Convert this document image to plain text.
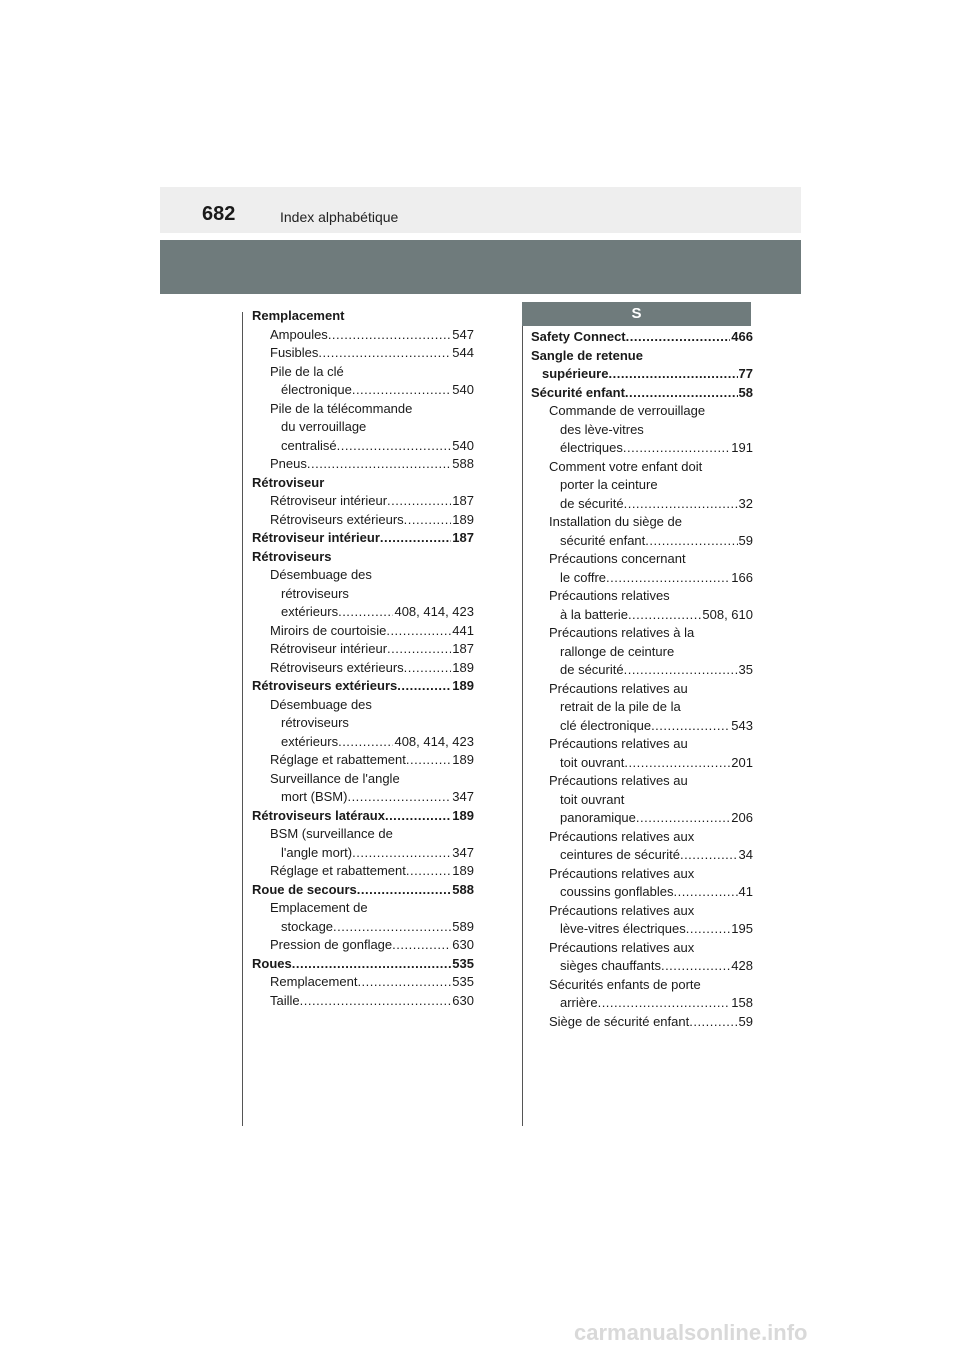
682	Index alphabétique
S
Remplacement
Ampoules .....	547
Fusibles .....	544
Pile de la clé
électronique .....	540
Pile de la télécommande
du verrouillage
centralisé .....	540
Pneus .....	588
Rétroviseur
Rétroviseur intérieur .....	187
Rétroviseurs extérieurs .....	189
Rétroviseur intérieur .....	187
Rétroviseurs
Désembuage des
rétroviseurs
extérieurs .....	408, 414, 423
Miroirs de courtoisie .....	441
Rétroviseur intérieur .....	187
Rétroviseurs extérieurs .....	189
Rétroviseurs extérieurs .....	189
Désembuage des
rétroviseurs
extérieurs .....	408, 414, 423
Réglage et rabattement .....	189
Surveillance de l'angle
mort (BSM) .....	347
Rétroviseurs latéraux .....	189
BSM (surveillance de
l'angle mort) .....	347
Réglage et rabattement .....	189
Roue de secours .....	588
Emplacement de
stockage .....	589
Pression de gonflage .....	630
Roues .....	535
Remplacement .....	535
Taille .....	630
Safety Connect .....	466
Sangle de retenue
supérieure .....	77
Sécurité enfant .....	58
Commande de verrouillage
des lève-vitres
électriques .....	191
Comment votre enfant doit
porter la ceinture
de sécurité .....	32
Installation du siège de
sécurité enfant .....	59
Précautions concernant
le coffre .....	166
Précautions relatives
à la batterie .....	508, 610
Précautions relatives à la
rallonge de ceinture
de sécurité .....	35
Précautions relatives au
retrait de la pile de la
clé électronique .....	543
Précautions relatives au
toit ouvrant .....	201
Précautions relatives au
toit ouvrant
panoramique .....	206
Précautions relatives aux
ceintures de sécurité .....	34
Précautions relatives aux
coussins gonflables .....	41
Précautions relatives aux
lève-vitres électriques .....	195
Précautions relatives aux
sièges chauffants .....	428
Sécurités enfants de porte
arrière .....	158
Siège de sécurité enfant .....	59
carmanualsonline.info
